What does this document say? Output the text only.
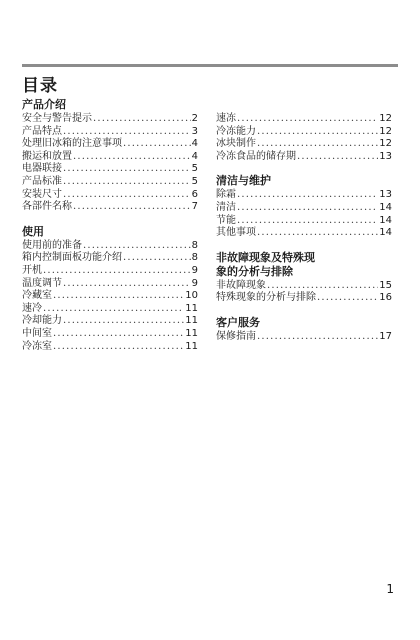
目录
产品介绍
安全与警告提示 .....	2
产品特点 .....	3
处理旧冰箱的注意事项 .....	4
搬运和放置 .....	4
电器联接 .....	5
产品标准 .....	5
安装尺寸 .....	6
各部件名称 .....	7
使用
使用前的准备 .....	8
箱内控制面板功能介绍 .....	8
开机 .....	9
温度调节 .....	9
冷藏室 .....	10
速冷 .....	11
冷却能力 .....	11
中间室 .....	11
冷冻室 .....	11
速冻 .....	12
冷冻能力 .....	12
冰块制作 .....	12
冷冻食品的储存期 .....	13
清洁与维护
除霜 .....	13
清洁 .....	14
节能 .....	14
其他事项 .....	14
非故障现象及特殊现
象的分析与排除
非故障现象 .....	15
特殊现象的分析与排除 .....	16
客户服务
保修指南 .....	17
1
